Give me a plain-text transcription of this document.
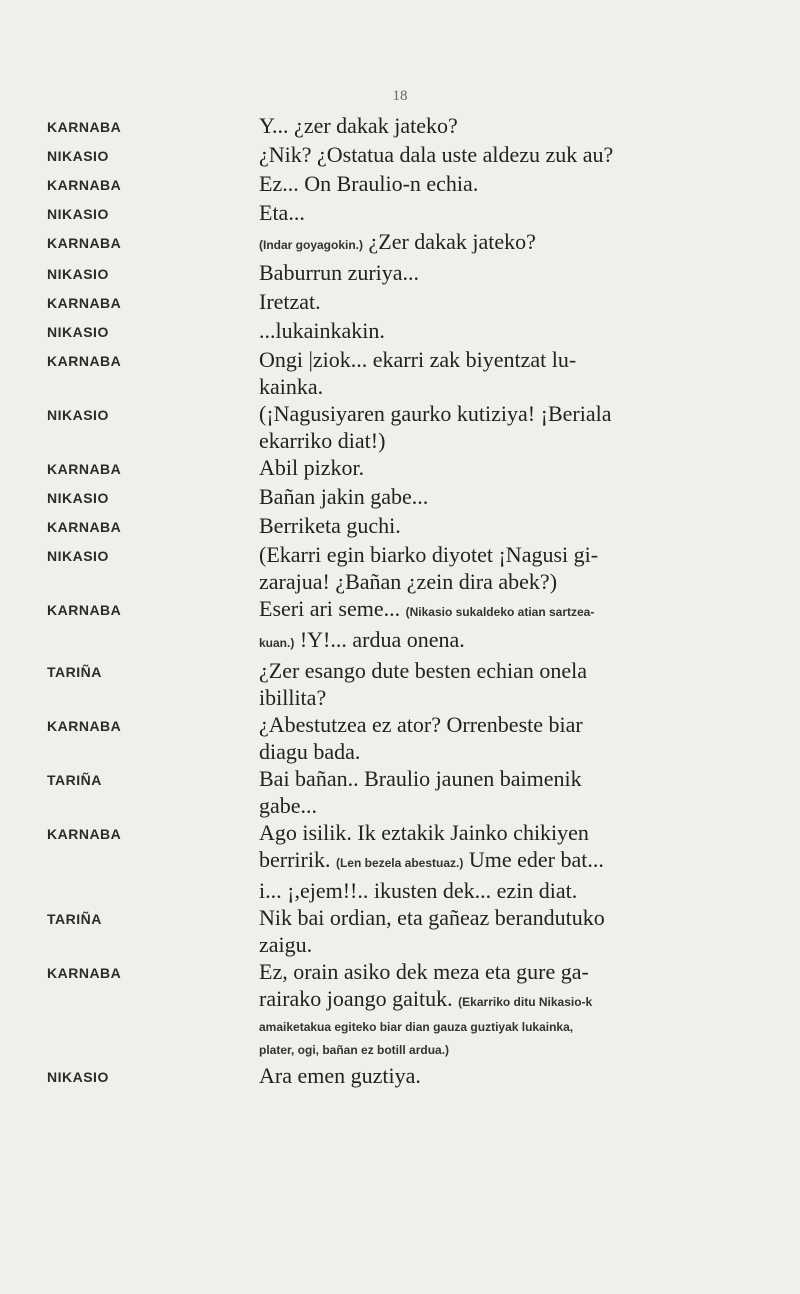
18
KARNABA	Y... ¿zer dakak jateko?
NIKASIO	¿Nik? ¿Ostatua dala uste aldezu zuk au?
KARNABA	Ez... On Braulio-n echia.
NIKASIO	Eta...
KARNABA	(Indar goyagokin.) ¿Zer dakak jateko?
NIKASIO	Baburrun zuriya...
KARNABA	Iretzat.
NIKASIO	...lukainkakin.
KARNABA	Ongi |ziok... ekarri zak biyentzat lu-
kainka.
NIKASIO	(¡Nagusiyaren gaurko kutiziya! ¡Beriala
ekarriko diat!)
KARNABA	Abil pizkor.
NIKASIO	Bañan jakin gabe...
KARNABA	Berriketa guchi.
NIKASIO	(Ekarri egin biarko diyotet ¡Nagusi gi-
zarajua! ¿Bañan ¿zein dira abek?)
KARNABA	Eseri ari seme... (Nikasio sukaldeko atian sartzea-
kuan.) !Y!... ardua onena.
TARIÑA	¿Zer esango dute besten echian onela
ibillita?
KARNABA	¿Abestutzea ez ator? Orrenbeste biar
diagu bada.
TARIÑA	Bai bañan.. Braulio jaunen baimenik
gabe...
KARNABA	Ago isilik. Ik eztakik Jainko chikiyen
berririk. (Len bezela abestuaz.) Ume eder bat...
i... ¡,ejem!!.. ikusten dek... ezin diat.
TARIÑA	Nik bai ordian, eta gañeaz berandutuko
zaigu.
KARNABA	Ez, orain asiko dek meza eta gure ga-
rairako joango gaituk. (Ekarriko ditu Nikasio-k
amaiketakua egiteko biar dian gauza guztiyak lukainka,
plater, ogi, bañan ez botill ardua.)
NIKASIO	Ara emen guztiya.
